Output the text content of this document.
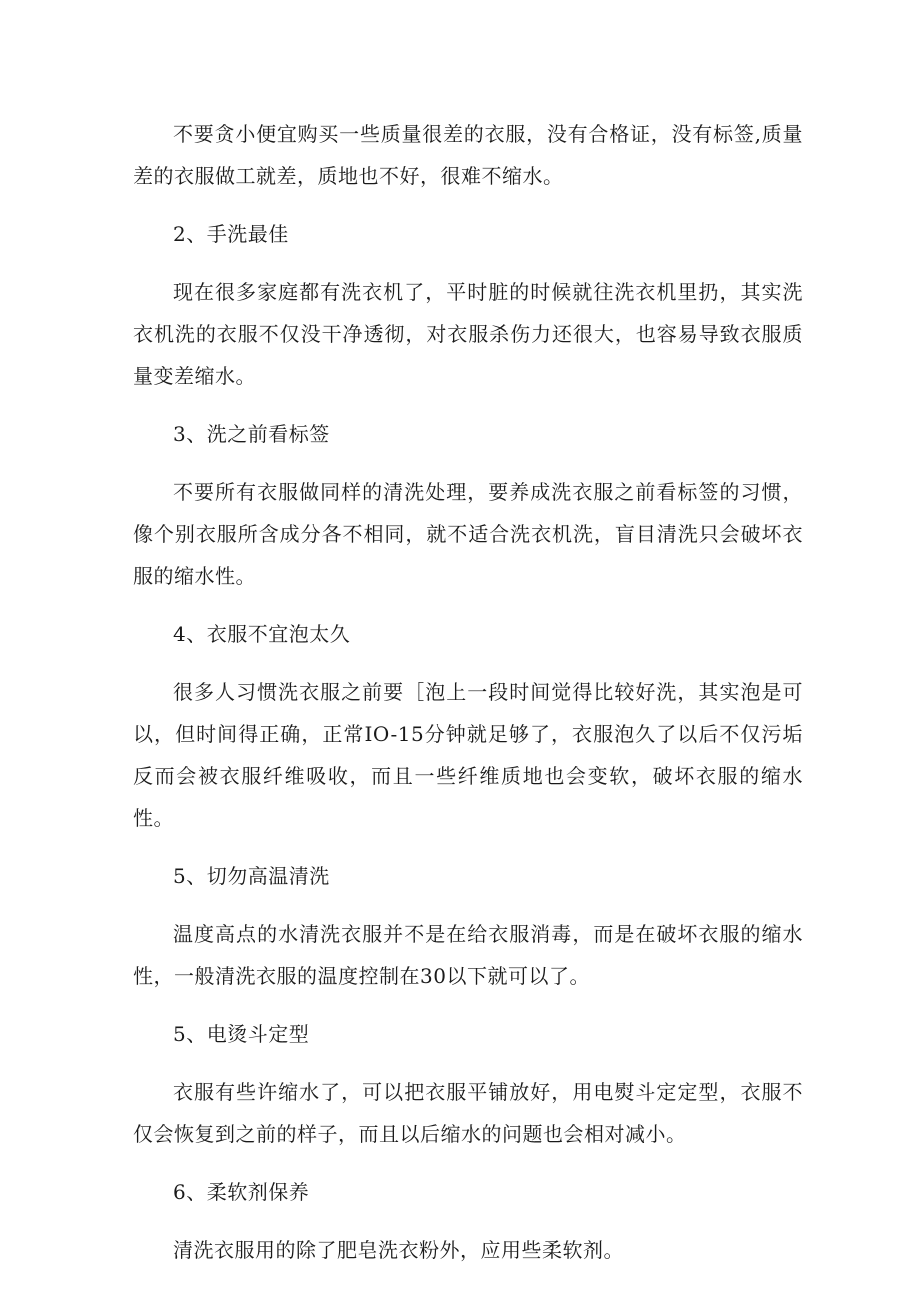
不要贪小便宜购买一些质量很差的衣服，没有合格证，没有标签,质量差的衣服做工就差，质地也不好，很难不缩水。

2、手洗最佳

现在很多家庭都有洗衣机了，平时脏的时候就往洗衣机里扔，其实洗衣机洗的衣服不仅没干净透彻，对衣服杀伤力还很大，也容易导致衣服质量变差缩水。

3、洗之前看标签

不要所有衣服做同样的清洗处理，要养成洗衣服之前看标签的习惯，像个别衣服所含成分各不相同，就不适合洗衣机洗，盲目清洗只会破坏衣服的缩水性。

4、衣服不宜泡太久

很多人习惯洗衣服之前要［泡上一段时间觉得比较好洗，其实泡是可以，但时间得正确，正常IO-15分钟就足够了，衣服泡久了以后不仅污垢反而会被衣服纤维吸收，而且一些纤维质地也会变软，破坏衣服的缩水性。

5、切勿高温清洗

温度高点的水清洗衣服并不是在给衣服消毒，而是在破坏衣服的缩水性，一般清洗衣服的温度控制在30以下就可以了。

5、电烫斗定型

衣服有些许缩水了，可以把衣服平铺放好，用电熨斗定定型，衣服不仅会恢复到之前的样子，而且以后缩水的问题也会相对减小。

6、柔软剂保养

清洗衣服用的除了肥皂洗衣粉外，应用些柔软剂。
